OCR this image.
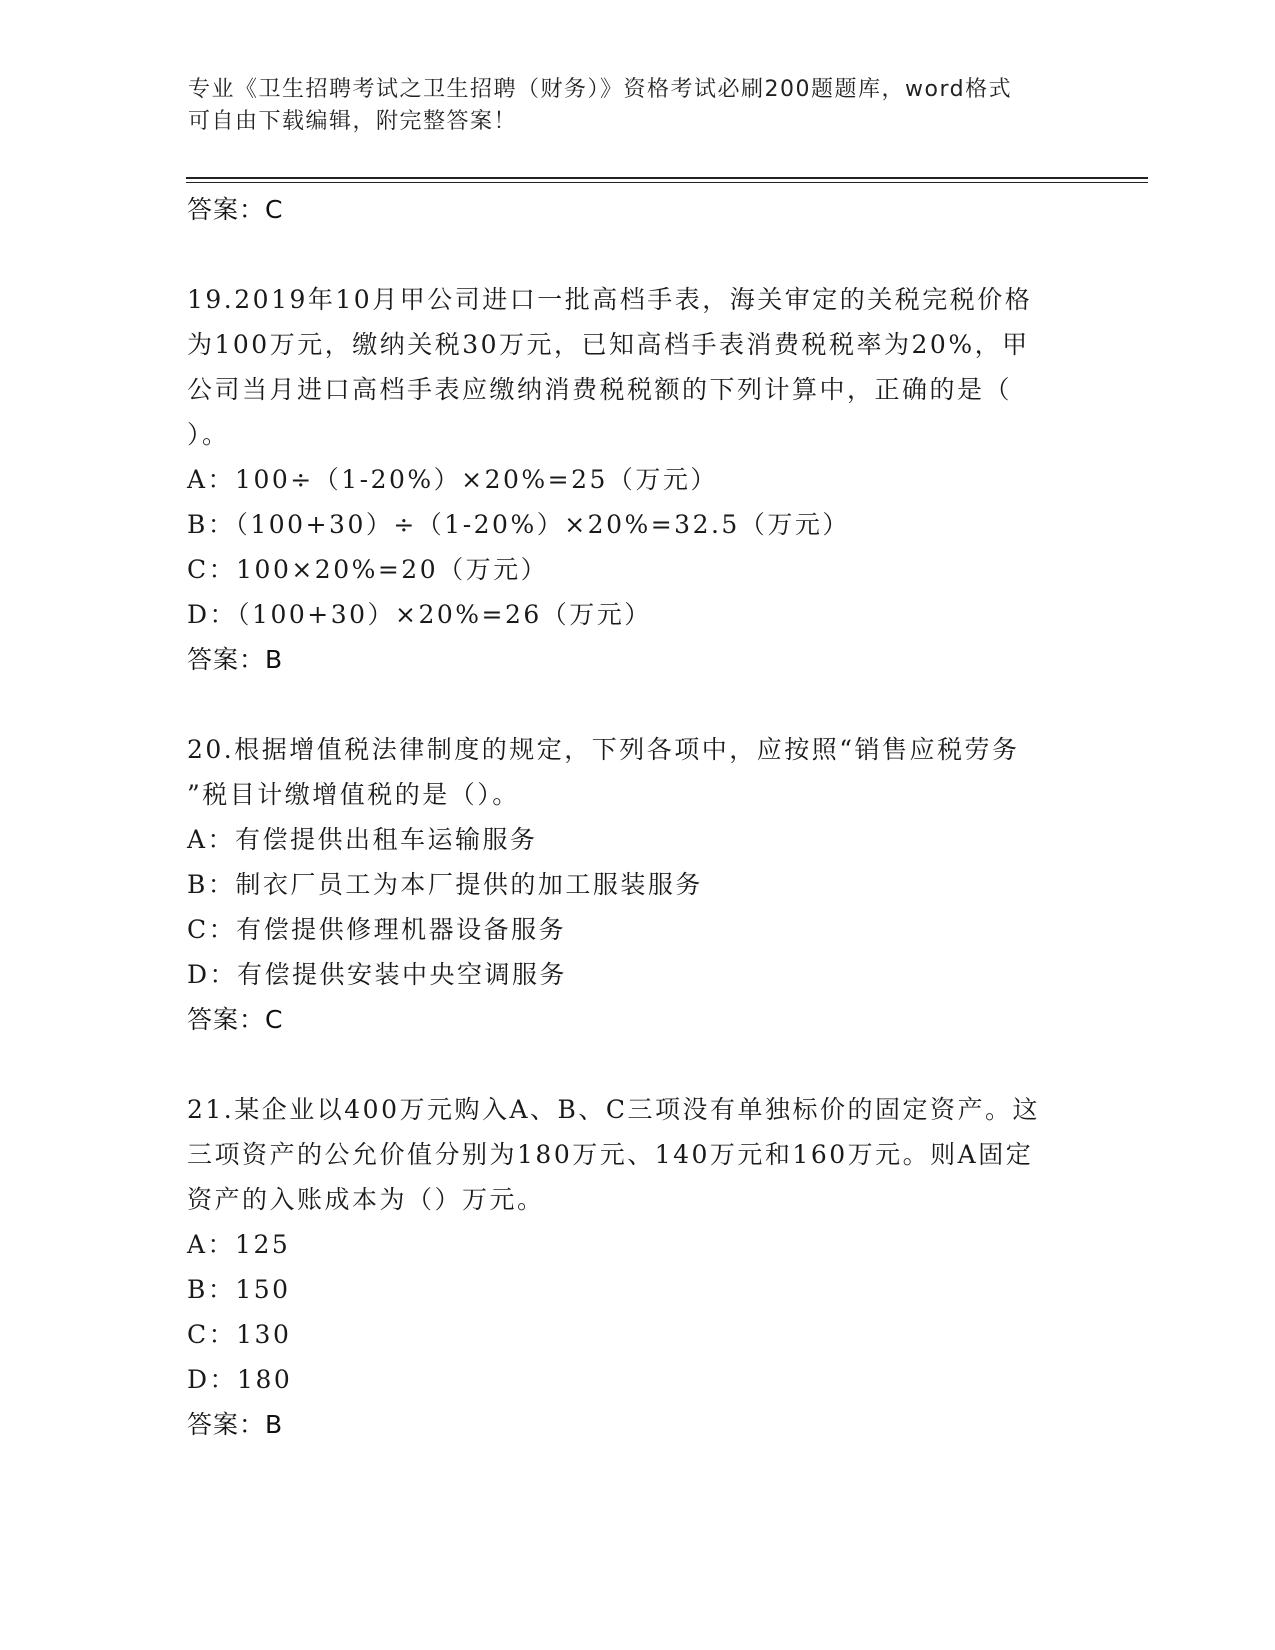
专业《卫生招聘考试之卫生招聘（财务）》资格考试必刷200题题库，word格式
可自由下载编辑，附完整答案！
答案：C
19.2019年10月甲公司进口一批高档手表，海关审定的关税完税价格
为100万元，缴纳关税30万元，已知高档手表消费税税率为20%，甲
公司当月进口高档手表应缴纳消费税税额的下列计算中，正确的是（
）。
A：100÷（1-20%）×20%=25（万元）
B：（100+30）÷（1-20%）×20%=32.5（万元）
C：100×20%=20（万元）
D：（100+30）×20%=26（万元）
答案：B
20.根据增值税法律制度的规定，下列各项中，应按照“销售应税劳务
”税目计缴增值税的是（）。
A：有偿提供出租车运输服务
B：制衣厂员工为本厂提供的加工服装服务
C：有偿提供修理机器设备服务
D：有偿提供安装中央空调服务
答案：C
21.某企业以400万元购入A、B、C三项没有单独标价的固定资产。这
三项资产的公允价值分别为180万元、140万元和160万元。则A固定
资产的入账成本为（）万元。
A：125
B：150
C：130
D：180
答案：B
